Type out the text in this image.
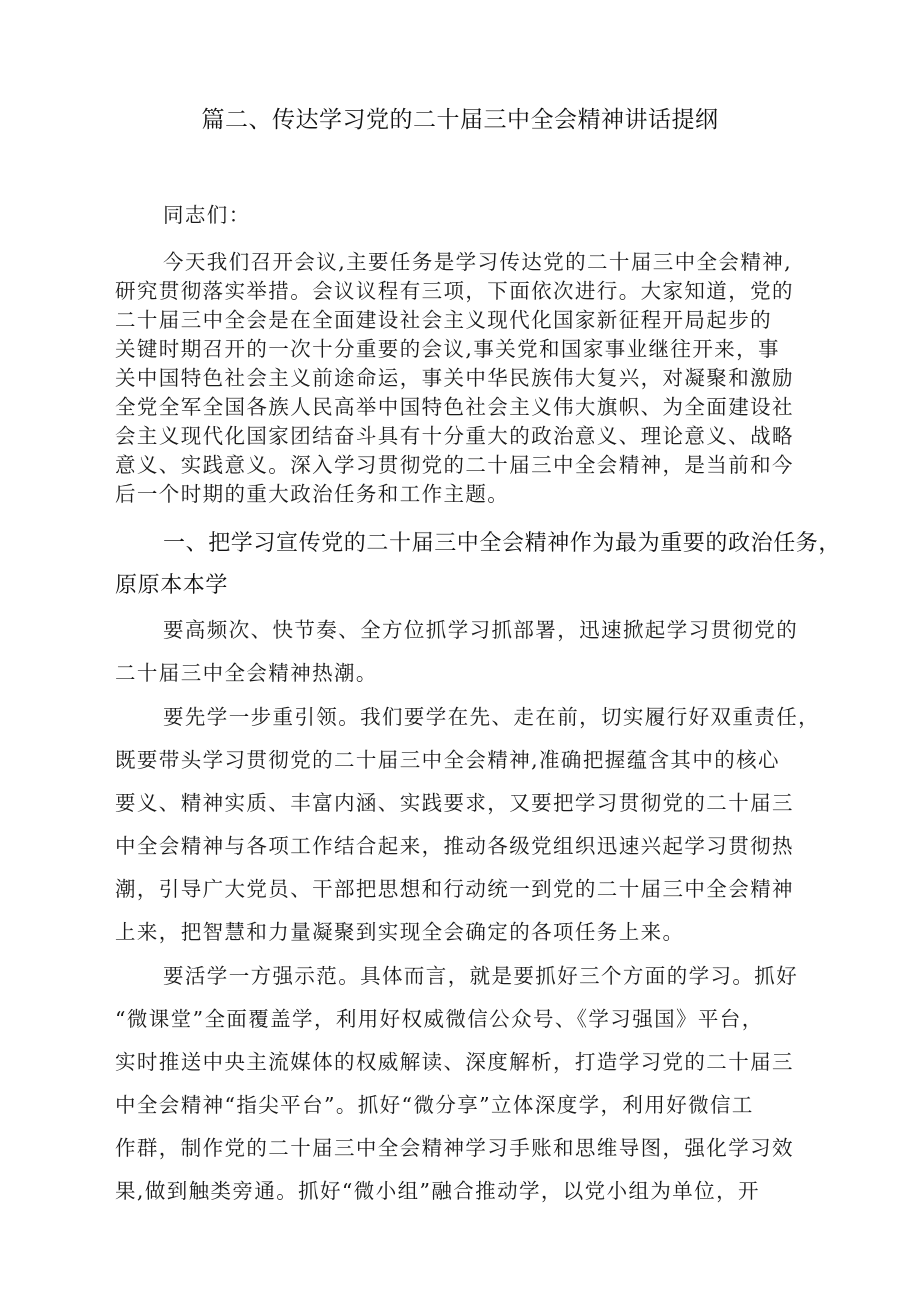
篇二、传达学习党的二十届三中全会精神讲话提纲
同志们：
今天我们召开会议,主要任务是学习传达党的二十届三中全会精神,
研究贯彻落实举措。会议议程有三项，下面依次进行。大家知道，党的
二十届三中全会是在全面建设社会主义现代化国家新征程开局起步的
关键时期召开的一次十分重要的会议,事关党和国家事业继往开来，事
关中国特色社会主义前途命运，事关中华民族伟大复兴，对凝聚和激励
全党全军全国各族人民高举中国特色社会主义伟大旗帜、为全面建设社
会主义现代化国家团结奋斗具有十分重大的政治意义、理论意义、战略
意义、实践意义。深入学习贯彻党的二十届三中全会精神，是当前和今
后一个时期的重大政治任务和工作主题。
一、把学习宣传党的二十届三中全会精神作为最为重要的政治任务，
原原本本学
要高频次、快节奏、全方位抓学习抓部署，迅速掀起学习贯彻党的
二十届三中全会精神热潮。
要先学一步重引领。我们要学在先、走在前，切实履行好双重责任，
既要带头学习贯彻党的二十届三中全会精神,准确把握蕴含其中的核心
要义、精神实质、丰富内涵、实践要求，又要把学习贯彻党的二十届三
中全会精神与各项工作结合起来，推动各级党组织迅速兴起学习贯彻热
潮，引导广大党员、干部把思想和行动统一到党的二十届三中全会精神
上来，把智慧和力量凝聚到实现全会确定的各项任务上来。
要活学一方强示范。具体而言，就是要抓好三个方面的学习。抓好
“微课堂”全面覆盖学，利用好权威微信公众号、《学习强国》平台，
实时推送中央主流媒体的权威解读、深度解析，打造学习党的二十届三
中全会精神“指尖平台”。抓好“微分享”立体深度学，利用好微信工
作群，制作党的二十届三中全会精神学习手账和思维导图，强化学习效
果,做到触类旁通。抓好“微小组”融合推动学，以党小组为单位，开
